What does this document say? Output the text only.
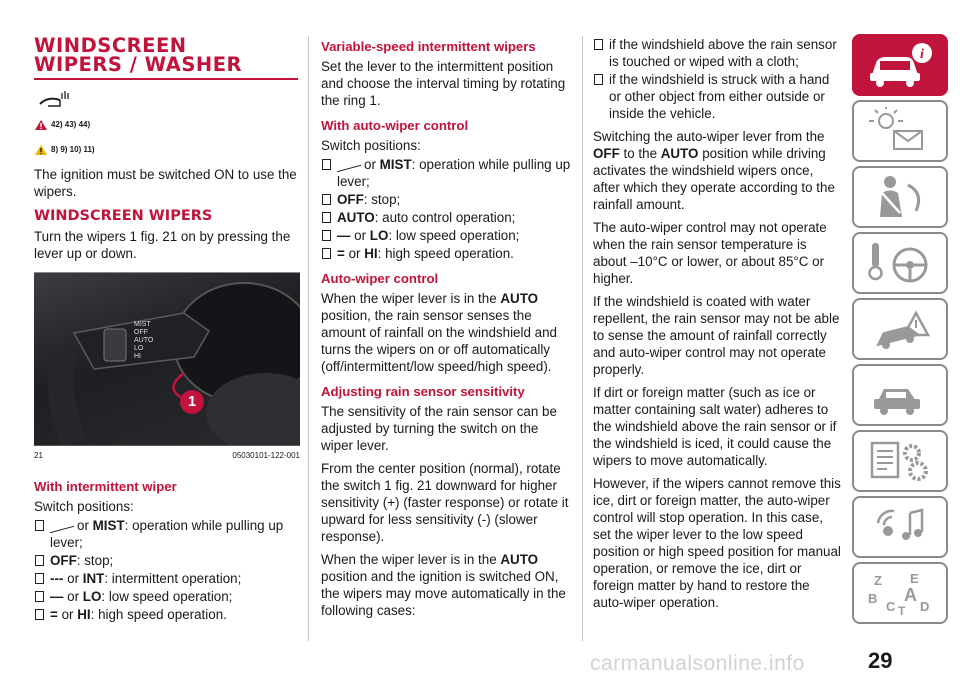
WINDSCREEN
WIPERS / WASHER
42) 43) 44)
8) 9) 10) 11)

The ignition must be switched ON to use the wipers.

WINDSCREEN WIPERS

Turn the wipers 1 fig. 21 on by pressing the lever up or down.

MIST
OFF
AUTO
LO
HI
1
21	05030101-122-001
With intermittent wiper

Switch positions:

or MIST: operation while pulling up lever;
OFF: stop;
--- or INT: intermittent operation;
— or LO: low speed operation;
= or HI: high speed operation.
Variable-speed intermittent wipers

Set the lever to the intermittent position and choose the interval timing by rotating the ring 1.

With auto-wiper control

Switch positions:

or MIST: operation while pulling up lever;
OFF: stop;
AUTO: auto control operation;
— or LO: low speed operation;
= or HI: high speed operation.
Auto-wiper control

When the wiper lever is in the AUTO position, the rain sensor senses the amount of rainfall on the windshield and turns the wipers on or off automatically (off/intermittent/low speed/high speed).

Adjusting rain sensor sensitivity

The sensitivity of the rain sensor can be adjusted by turning the switch on the wiper lever.

From the center position (normal), rotate the switch 1 fig. 21 downward for higher sensitivity (+) (faster response) or rotate it upward for less sensitivity (-) (slower response).

When the wiper lever is in the AUTO position and the ignition is switched ON, the wipers may move automatically in the following cases:

if the windshield above the rain sensor is touched or wiped with a cloth;
if the windshield is struck with a hand or other object from either outside or inside the vehicle.

Switching the auto-wiper lever from the OFF to the AUTO position while driving activates the windshield wipers once, after which they operate according to the rainfall amount.

The auto-wiper control may not operate when the rain sensor temperature is about –10°C or lower, or about 85°C or higher.

If the windshield is coated with water repellent, the rain sensor may not be able to sense the amount of rainfall correctly and auto-wiper control may not operate properly.

If dirt or foreign matter (such as ice or matter containing salt water) adheres to the windshield above the rain sensor or if the windshield is iced, it could cause the wipers to move automatically.

However, if the wipers cannot remove this ice, dirt or foreign matter, the auto-wiper control will stop operation. In this case, set the wiper lever to the low speed position or high speed position for manual operation, or remove the ice, dirt or foreign matter by hand to restore the auto-wiper operation.

i
Z E
B A
C D
T
carmanualsonline.info	29
